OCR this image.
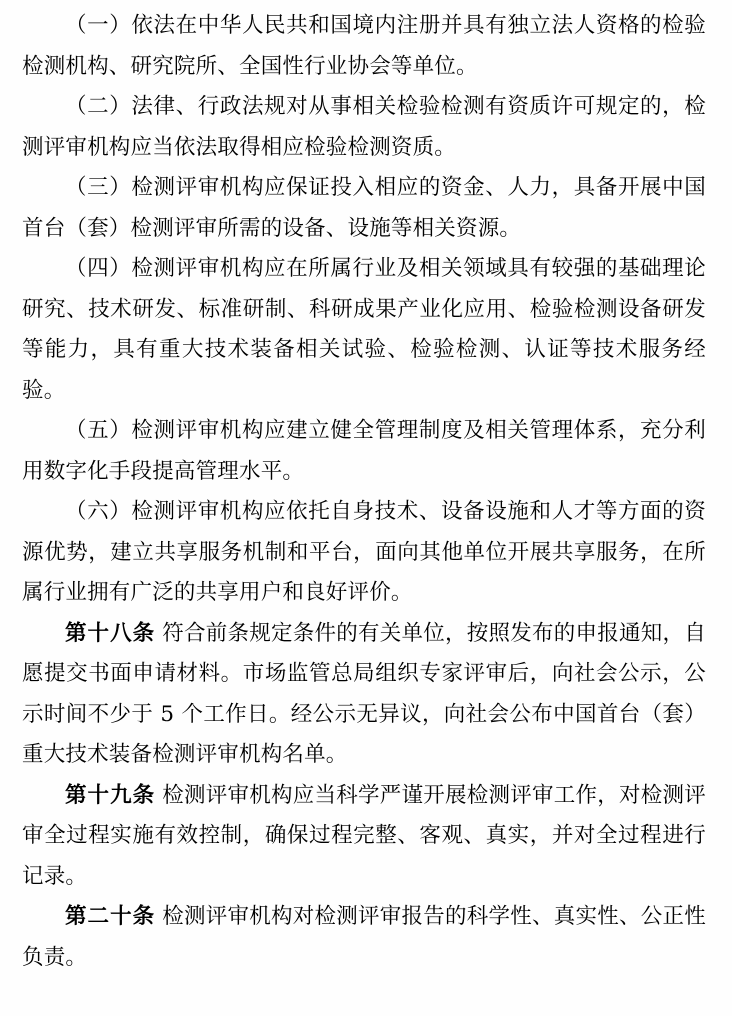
（一）依法在中华人民共和国境内注册并具有独立法人资格的检验检测机构、研究院所、全国性行业协会等单位。

（二）法律、行政法规对从事相关检验检测有资质许可规定的，检测评审机构应当依法取得相应检验检测资质。

（三）检测评审机构应保证投入相应的资金、人力，具备开展中国首台（套）检测评审所需的设备、设施等相关资源。

（四）检测评审机构应在所属行业及相关领域具有较强的基础理论研究、技术研发、标准研制、科研成果产业化应用、检验检测设备研发等能力，具有重大技术装备相关试验、检验检测、认证等技术服务经验。

（五）检测评审机构应建立健全管理制度及相关管理体系，充分利用数字化手段提高管理水平。

（六）检测评审机构应依托自身技术、设备设施和人才等方面的资源优势，建立共享服务机制和平台，面向其他单位开展共享服务，在所属行业拥有广泛的共享用户和良好评价。

第十八条 符合前条规定条件的有关单位，按照发布的申报通知，自愿提交书面申请材料。市场监管总局组织专家评审后，向社会公示，公示时间不少于 5 个工作日。经公示无异议，向社会公布中国首台（套）重大技术装备检测评审机构名单。

第十九条 检测评审机构应当科学严谨开展检测评审工作，对检测评审全过程实施有效控制，确保过程完整、客观、真实，并对全过程进行记录。

第二十条 检测评审机构对检测评审报告的科学性、真实性、公正性负责。
